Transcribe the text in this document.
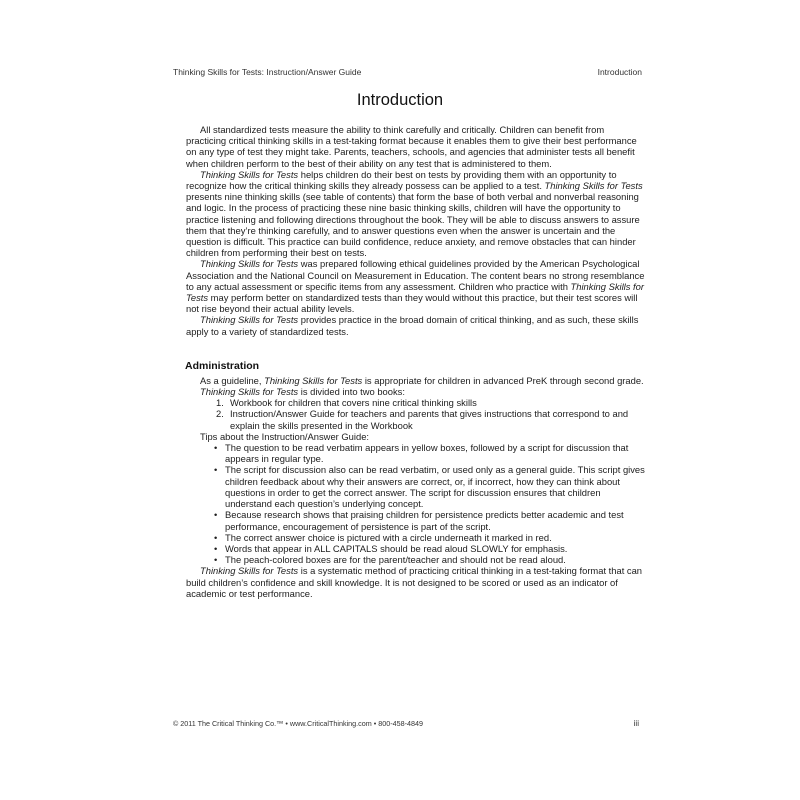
Thinking Skills for Tests: Instruction/Answer Guide	Introduction
Introduction

All standardized tests measure the ability to think carefully and critically. Children can benefit from practicing critical thinking skills in a test-taking format because it enables them to give their best performance on any type of test they might take. Parents, teachers, schools, and agencies that administer tests all benefit when children perform to the best of their ability on any test that is administered to them.

Thinking Skills for Tests helps children do their best on tests by providing them with an opportunity to recognize how the critical thinking skills they already possess can be applied to a test. Thinking Skills for Tests presents nine thinking skills (see table of contents) that form the base of both verbal and nonverbal reasoning and logic. In the process of practicing these nine basic thinking skills, children will have the opportunity to practice listening and following directions throughout the book. They will be able to discuss answers to assure them that they’re thinking carefully, and to answer questions even when the answer is uncertain and the question is difficult. This practice can build confidence, reduce anxiety, and remove obstacles that can hinder children from performing their best on tests.

Thinking Skills for Tests was prepared following ethical guidelines provided by the American Psychological Association and the National Council on Measurement in Education. The content bears no strong resemblance to any actual assessment or specific items from any assessment. Children who practice with Thinking Skills for Tests may perform better on standardized tests than they would without this practice, but their test scores will not rise beyond their actual ability levels.

Thinking Skills for Tests provides practice in the broad domain of critical thinking, and as such, these skills apply to a variety of standardized tests.

Administration

As a guideline, Thinking Skills for Tests is appropriate for children in advanced PreK through second grade.

Thinking Skills for Tests is divided into two books:

1. Workbook for children that covers nine critical thinking skills
2. Instruction/Answer Guide for teachers and parents that gives instructions that correspond to and explain the skills presented in the Workbook

Tips about the Instruction/Answer Guide:

• The question to be read verbatim appears in yellow boxes, followed by a script for discussion that appears in regular type.
• The script for discussion also can be read verbatim, or used only as a general guide. This script gives children feedback about why their answers are correct, or, if incorrect, how they can think about questions in order to get the correct answer. The script for discussion ensures that children understand each question’s underlying concept.
• Because research shows that praising children for persistence predicts better academic and test performance, encouragement of persistence is part of the script.
• The correct answer choice is pictured with a circle underneath it marked in red.
• Words that appear in ALL CAPITALS should be read aloud SLOWLY for emphasis.
• The peach-colored boxes are for the parent/teacher and should not be read aloud.

Thinking Skills for Tests is a systematic method of practicing critical thinking in a test-taking format that can build children’s confidence and skill knowledge. It is not designed to be scored or used as an indicator of academic or test performance.

© 2011 The Critical Thinking Co.™ • www.CriticalThinking.com • 800-458-4849	iii
